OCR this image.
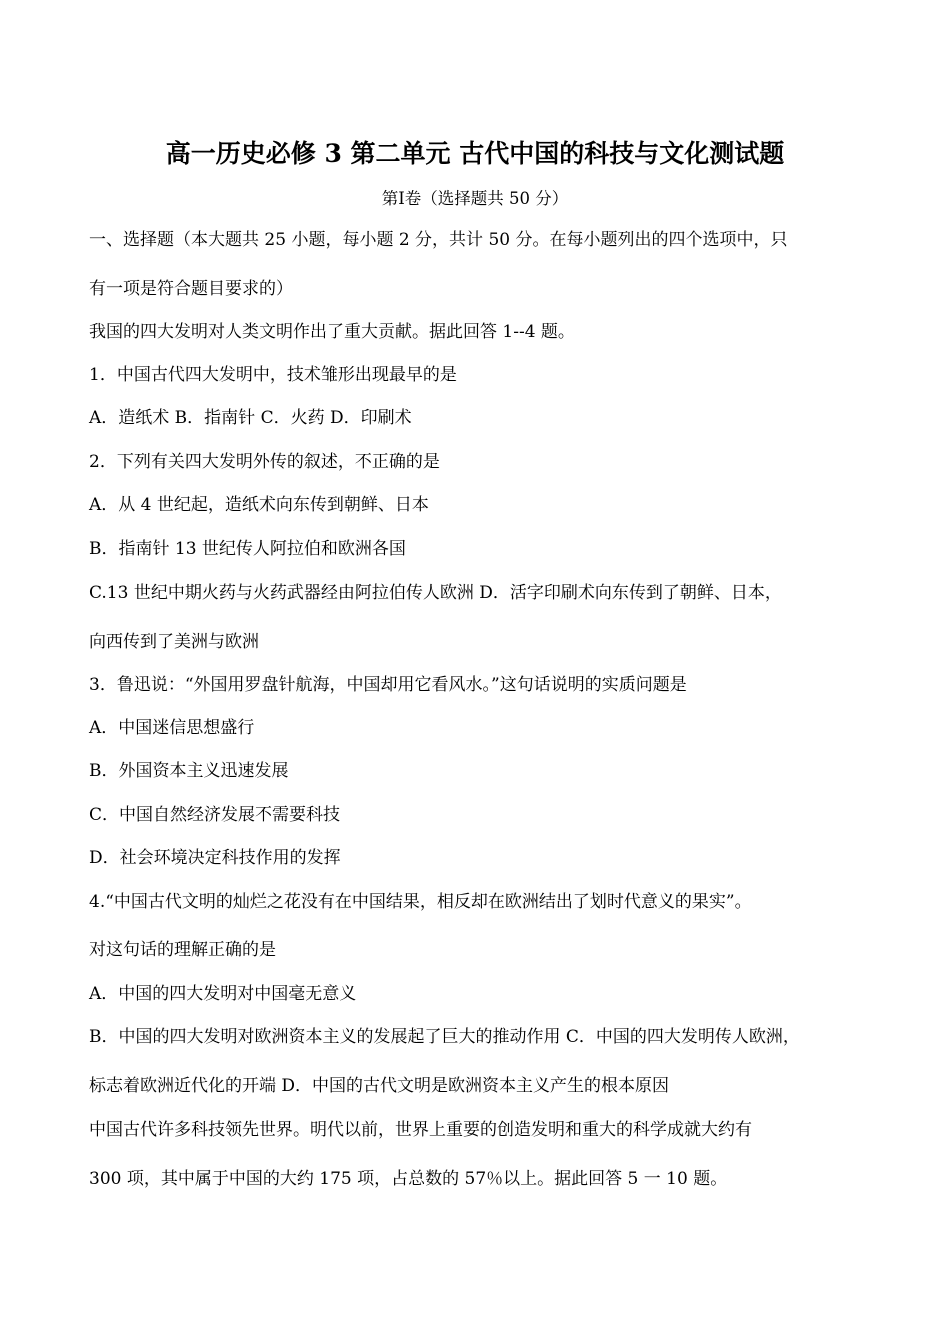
高一历史必修 3 第二单元 古代中国的科技与文化测试题
第Ⅰ卷（选择题共 50 分）
一、选择题（本大题共 25 小题，每小题 2 分，共计 50 分。在每小题列出的四个选项中，只
有一项是符合题目要求的）
我国的四大发明对人类文明作出了重大贡献。据此回答 1--4 题。
1．中国古代四大发明中，技术雏形出现最早的是
A．造纸术 B．指南针 C．火药 D．印刷术
2．下列有关四大发明外传的叙述，不正确的是
A．从 4 世纪起，造纸术向东传到朝鲜、日本
B．指南针 13 世纪传人阿拉伯和欧洲各国
C.13 世纪中期火药与火药武器经由阿拉伯传人欧洲 D．活字印刷术向东传到了朝鲜、日本，
向西传到了美洲与欧洲
3．鲁迅说：“外国用罗盘针航海，中国却用它看风水。”这句话说明的实质问题是
A．中国迷信思想盛行
B．外国资本主义迅速发展
C．中国自然经济发展不需要科技
D．社会环境决定科技作用的发挥
4.“中国古代文明的灿烂之花没有在中国结果，相反却在欧洲结出了划时代意义的果实”。
对这句话的理解正确的是
A．中国的四大发明对中国毫无意义
B．中国的四大发明对欧洲资本主义的发展起了巨大的推动作用 C．中国的四大发明传人欧洲，
标志着欧洲近代化的开端 D．中国的古代文明是欧洲资本主义产生的根本原因
中国古代许多科技领先世界。明代以前，世界上重要的创造发明和重大的科学成就大约有
300 项，其中属于中国的大约 175 项，占总数的 57％以上。据此回答 5 一 10 题。
